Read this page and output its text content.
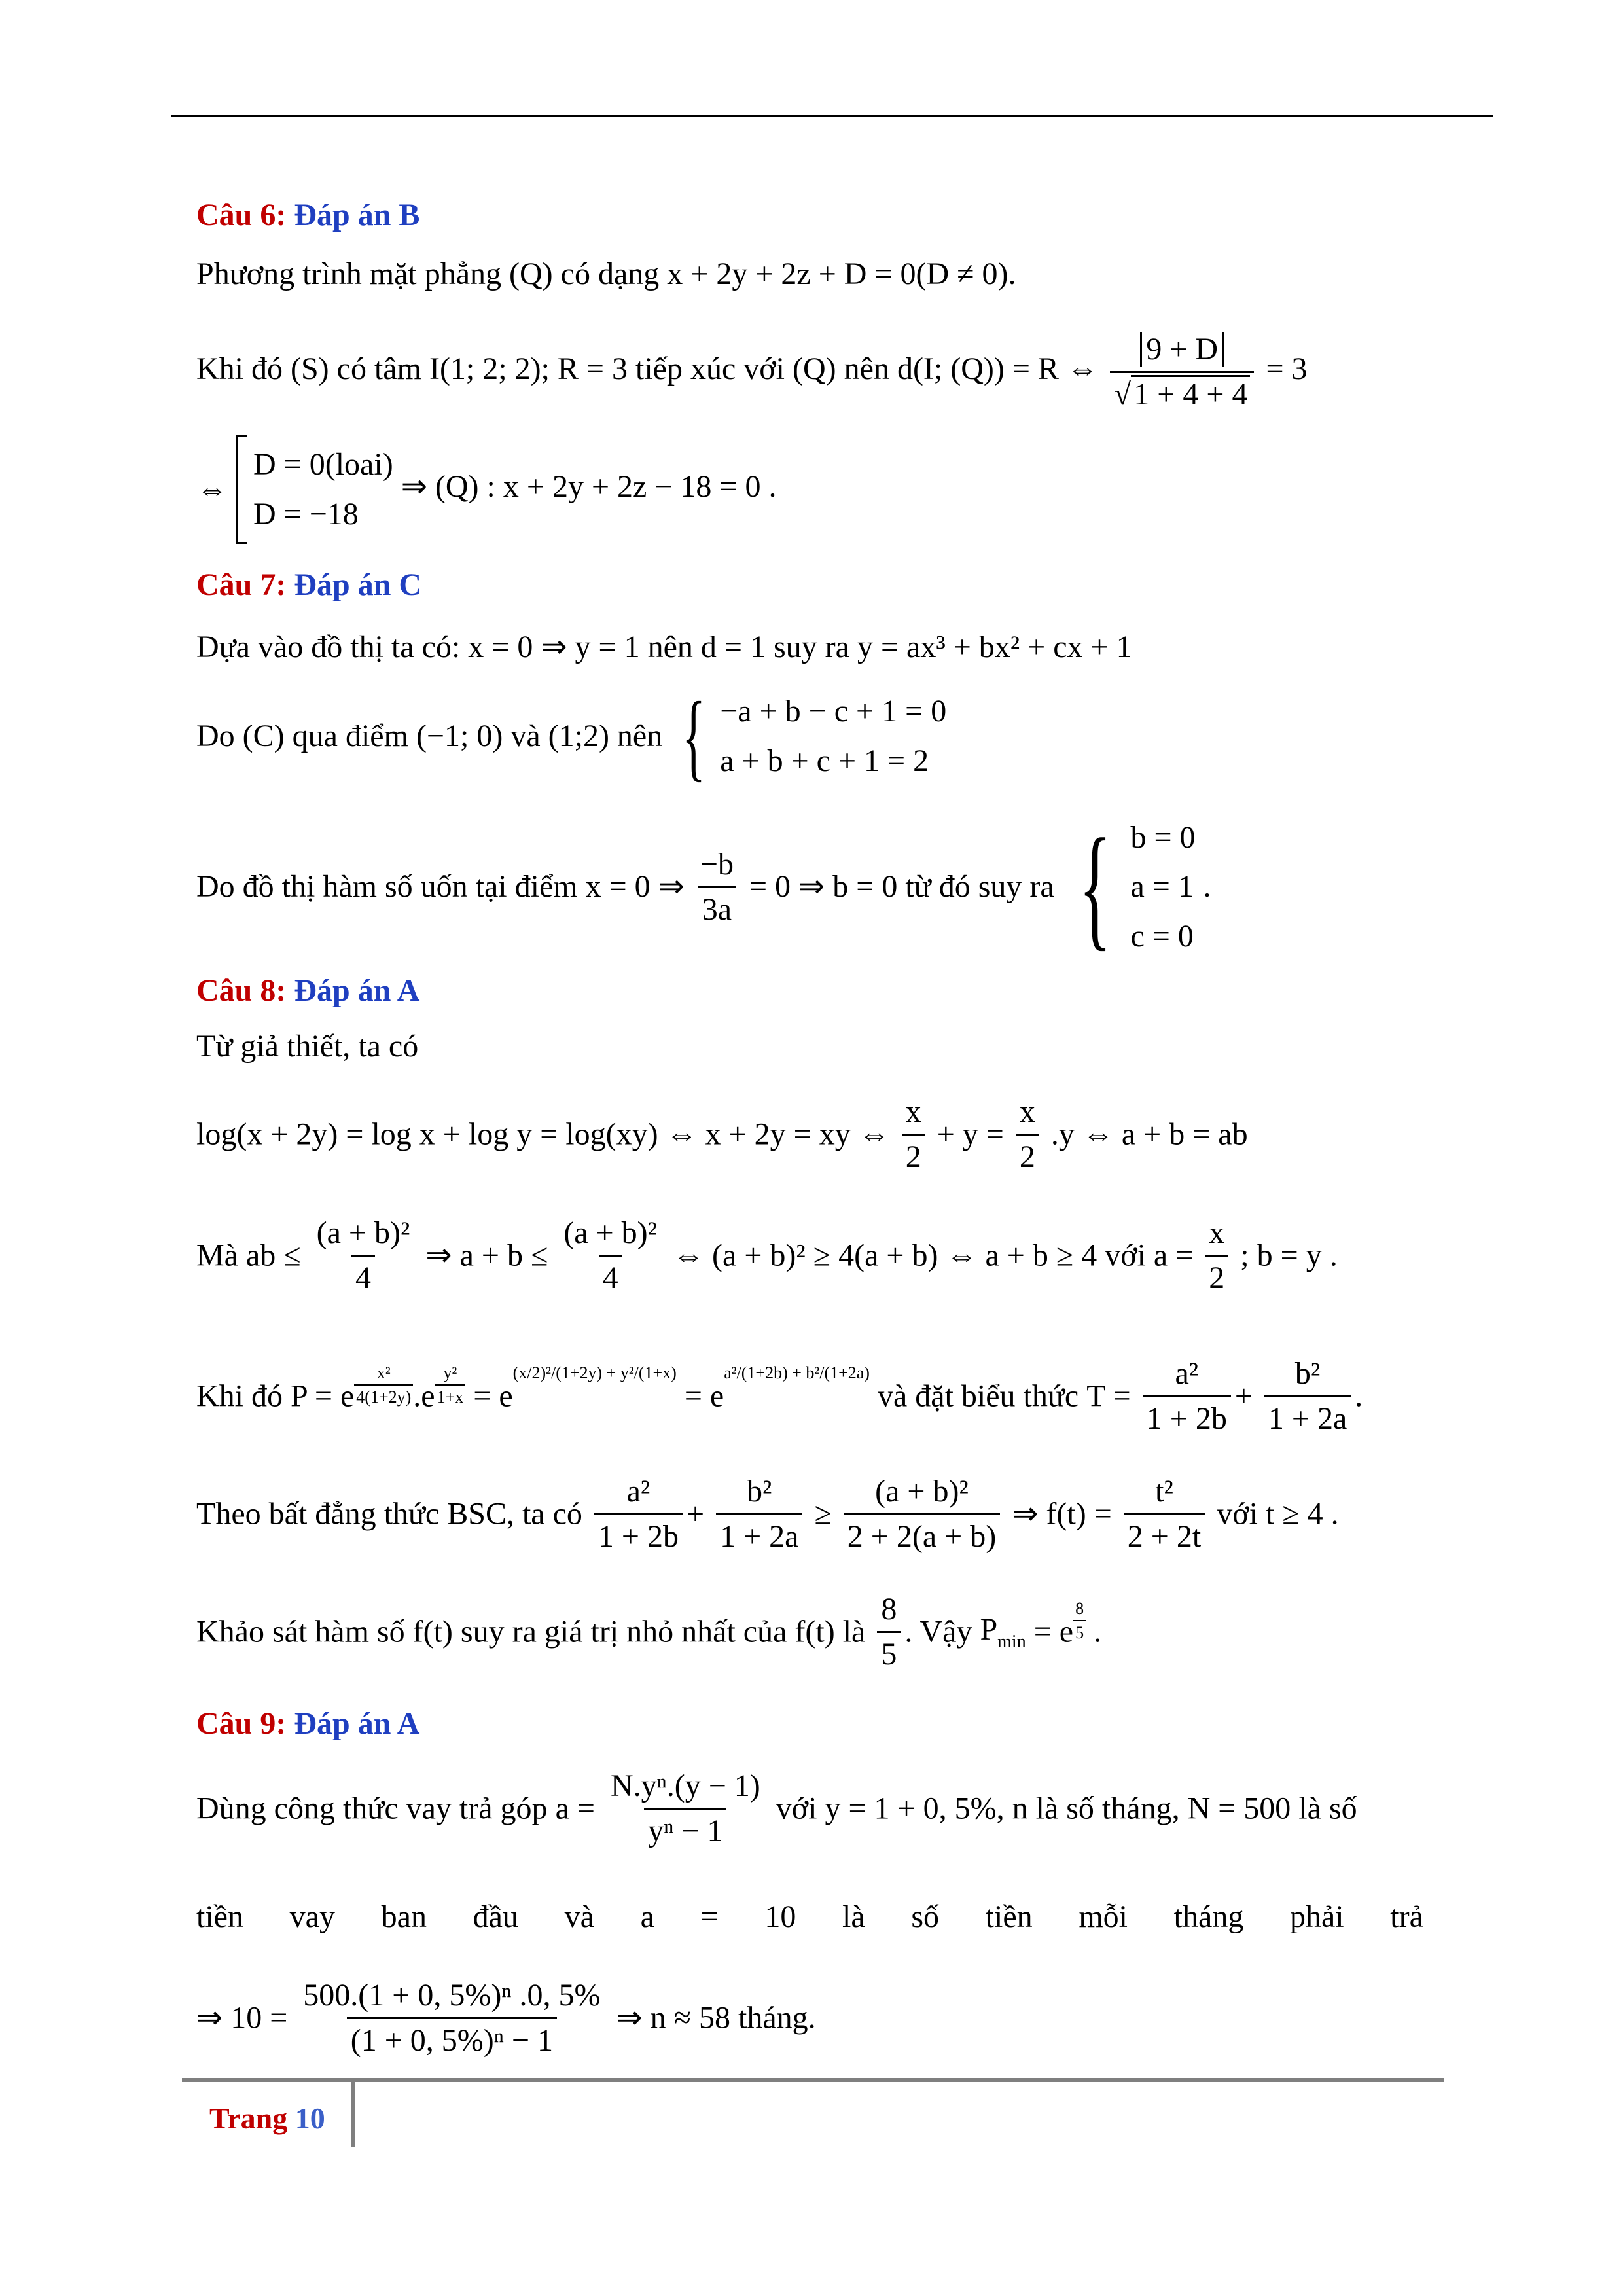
Câu 6: Đáp án B
Phương trình mặt phẳng (Q) có dạng x + 2y + 2z + D = 0(D ≠ 0).
Khi đó (S) có tâm I(1; 2; 2); R = 3 tiếp xúc với (Q) nên d(I; (Q)) = R ⇔ $\frac{9 + D}{√1 + 4 + 4} = 3$
⇔
D = 0(loai)
D = −18
⇒ (Q) : x + 2y + 2z − 18 = 0 .
Câu 7: Đáp án C
Dựa vào đồ thị ta có: x = 0 ⇒ y = 1 nên d = 1 suy ra y = ax³ + bx² + cx + 1
Do (C) qua điểm (−1; 0) và (1;2) nên { −a + b − c + 1 = 0
a + b + c + 1 = 2
Do đồ thị hàm số uốn tại điểm x = 0 ⇒ $\frac{-b}{3a} = 0$ ⇒ b = 0 từ đó suy ra { b = 0
a = 1
c = 0
.
Câu 8: Đáp án A
Từ giả thiết, ta có
log(x + 2y) = log x + log y = log(xy) ⇔ x + 2y = xy ⇔ $\frac{x}{2} + y = \frac{x}{2} .y$ ⇔ a + b = ab
Mà ab ≤ $\frac{\text{(a + b)²}}{4}$ ⇒ $a + b \le \frac{\text{(a + b)²}}{4}$ ⇔ (a + b)² ≥ 4(a + b) ⇔ a + b ≥ 4 với $a = \frac{x}{2}$ ; b = y .
Khi đó P = e $\frac{\text{x²}}{4(1+2y)} .e \frac{\text{y²}}{1+x} = e^{(x/2)^2/(1+2y) + y^2/(1+x)} = e^{a^2/(1+2b) + b^2/(1+2a)}$ và đặt biểu thức $T = \frac{\text{a²}}{1 + 2b} + \frac{\text{b²}}{1 + 2a}$ .
Theo bất đẳng thức BSC, ta có $\frac{\text{a²}}{1 + 2b} + \frac{\text{b²}}{1 + 2a} \ge \frac{\text{(a + b)²}}{2 + 2(a + b)}$ ⇒ $f(t) = \frac{\text{t²}}{2 + 2t}$ với t ≥ 4 .
Khảo sát hàm số f(t) suy ra giá trị nhỏ nhất của f(t) là $\frac{8}{5}$ . Vậy $P_{min} = e \frac{8}{5}$ .
Câu 9: Đáp án A
Dùng công thức vay trả góp $a = \frac{\text{N.yⁿ.(y − 1)}}{\text{yⁿ − 1}}$ với y = 1 + 0, 5%, n là số tháng, N = 500 là số
tiền vay ban đầu và a = 10 là số tiền mỗi tháng phải trả
⇒ $10 = \frac{\text{500.(1 + 0, 5\%)ⁿ .0, 5\%}}{\text{(1 + 0, 5\%)ⁿ − 1}}$ ⇒ n ≈ 58 tháng.
Trang 10
